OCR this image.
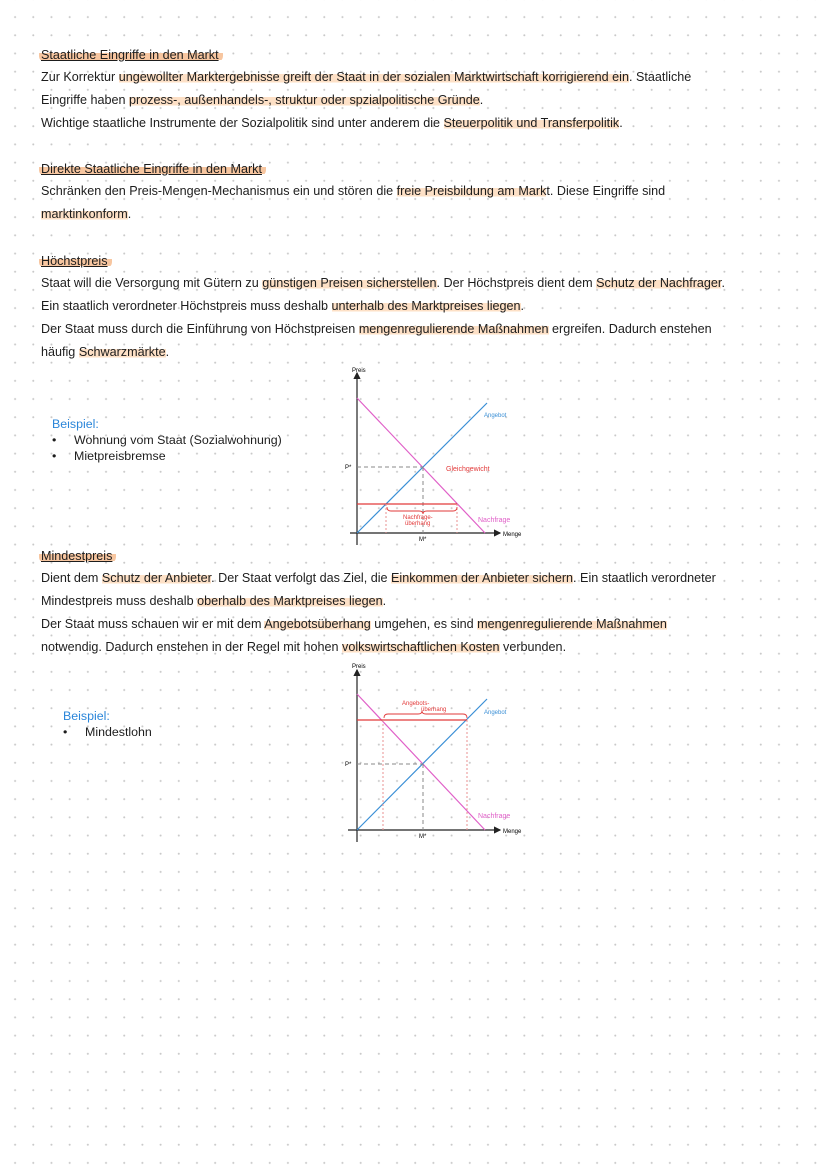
Staatliche Eingriffe in den Markt
Zur Korrektur ungewollter Marktergebnisse greift der Staat in der sozialen Marktwirtschaft korrigierend ein. Staatliche
Eingriffe haben prozess-, außenhandels-, struktur oder spzialpolitische Gründe.
Wichtige staatliche Instrumente der Sozialpolitik sind unter anderem die Steuerpolitik und Transferpolitik.
Direkte Staatliche Eingriffe in den Markt
Schränken den Preis-Mengen-Mechanismus ein und stören die freie Preisbildung am Markt. Diese Eingriffe sind
marktinkonform.
Höchstpreis
Staat will die Versorgung mit Gütern zu günstigen Preisen sicherstellen. Der Höchstpreis dient dem Schutz der Nachfrager.
Ein staatlich verordneter Höchstpreis muss deshalb unterhalb des Marktpreises liegen.
Der Staat muss durch die Einführung von Höchstpreisen mengenregulierende Maßnahmen ergreifen. Dadurch enstehen
häufig Schwarzmärkte.
Mindestpreis
Dient dem Schutz der Anbieter. Der Staat verfolgt das Ziel, die Einkommen der Anbieter sichern. Ein staatlich verordneter
Mindestpreis muss deshalb oberhalb des Marktpreises liegen.
Der Staat muss schauen wir er mit dem Angebotsüberhang umgehen, es sind mengenregulierende Maßnahmen
notwendig. Dadurch enstehen in der Regel mit hohen volkswirtschaftlichen Kosten verbunden.
Beispiel:
• Wohnung vom Staat (Sozialwohnung)
• Mietpreisbremse
Beispiel:
• Mindestlohn
Preis
Menge
P*
M*
Angebot
Nachfrage
Gleichgewicht
Nachfrage-
überhang
Preis
Menge
P*
M*
Angebot
Nachfrage
Angebots-
überhang
